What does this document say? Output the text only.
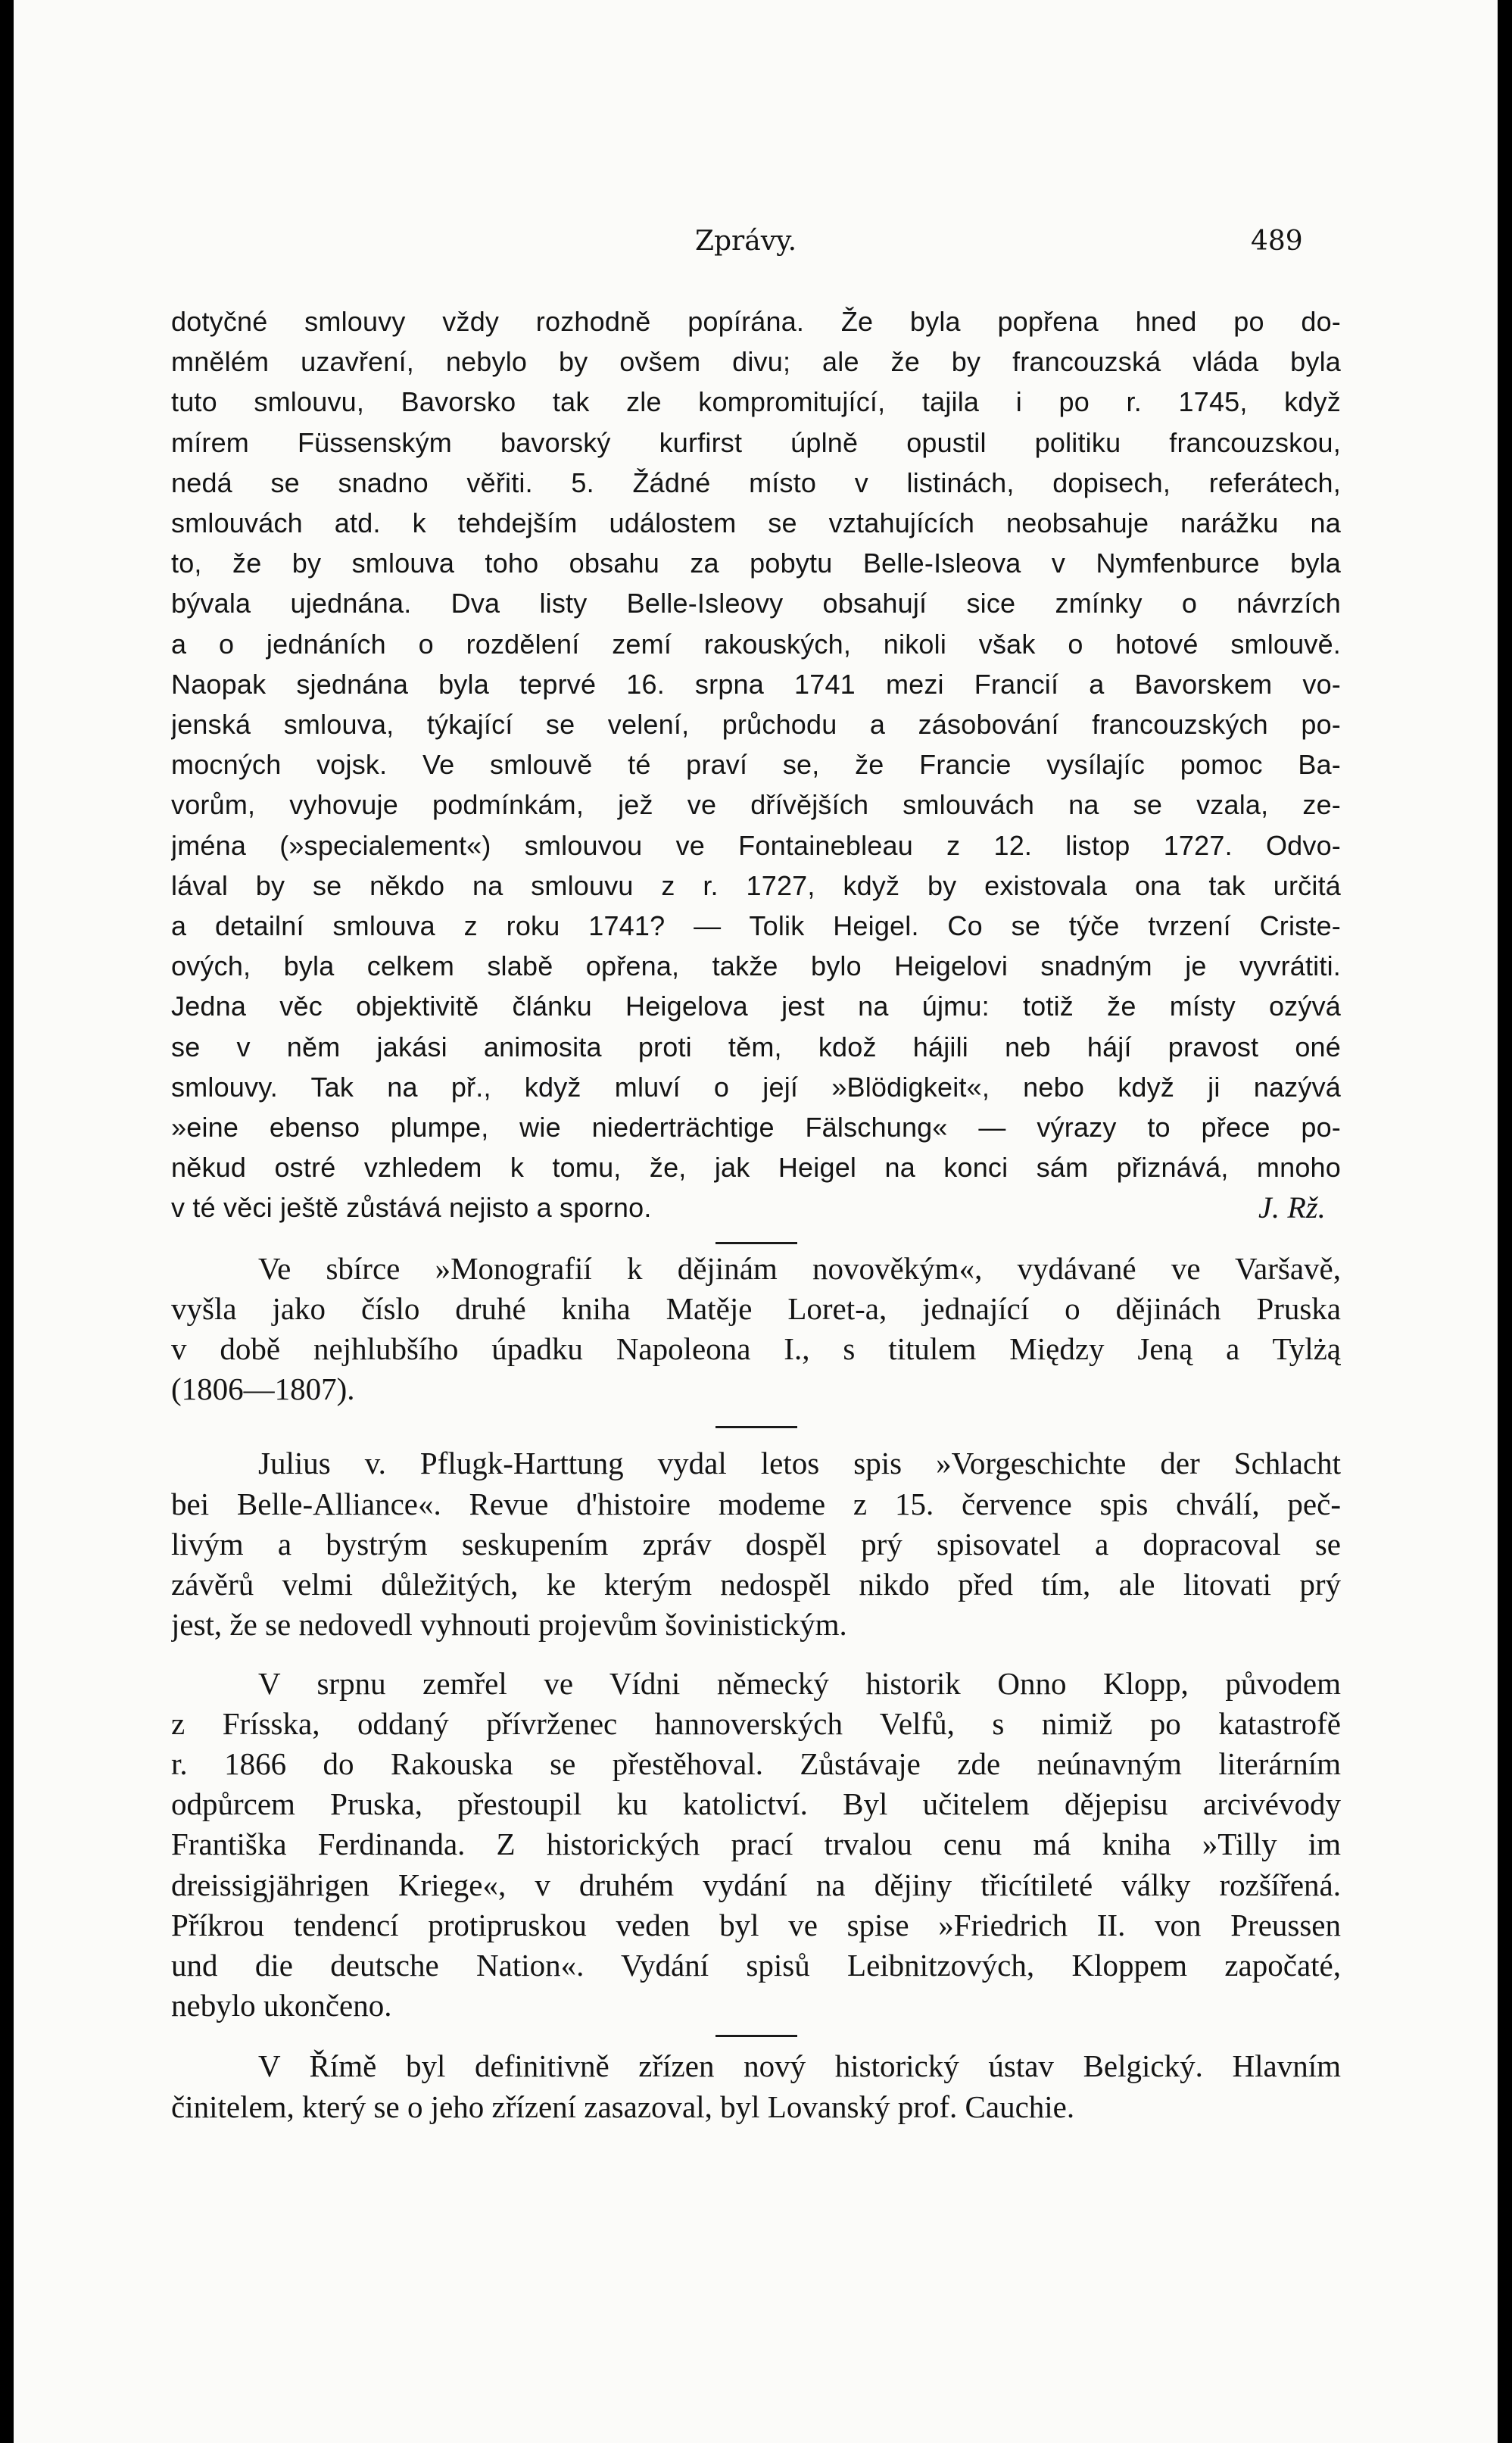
Zprávy.	489
dotyčné smlouvy vždy rozhodně popírána. Že byla popřena hned po do-
mnělém uzavření, nebylo by ovšem divu; ale že by francouzská vláda byla
tuto smlouvu, Bavorsko tak zle kompromitující, tajila i po r. 1745, když
mírem Füssenským bavorský kurfirst úplně opustil politiku francouzskou,
nedá se snadno věřiti. 5. Žádné místo v listinách, dopisech, referátech,
smlouvách atd. k tehdejším událostem se vztahujících neobsahuje narážku na
to, že by smlouva toho obsahu za pobytu Belle-Isleova v Nymfenburce byla
bývala ujednána. Dva listy Belle-Isleovy obsahují sice zmínky o návrzích
a o jednáních o rozdělení zemí rakouských, nikoli však o hotové smlouvě.
Naopak sjednána byla teprvé 16. srpna 1741 mezi Francií a Bavorskem vo-
jenská smlouva, týkající se velení, průchodu a zásobování francouzských po-
mocných vojsk. Ve smlouvě té praví se, že Francie vysílajíc pomoc Ba-
vorům, vyhovuje podmínkám, jež ve dřívějších smlouvách na se vzala, ze-
jména (»specialement«) smlouvou ve Fontainebleau z 12. listop 1727. Odvo-
lával by se někdo na smlouvu z r. 1727, když by existovala ona tak určitá
a detailní smlouva z roku 1741? — Tolik Heigel. Co se týče tvrzení Criste-
ových, byla celkem slabě opřena, takže bylo Heigelovi snadným je vyvrátiti.
Jedna věc objektivitě článku Heigelova jest na újmu: totiž že místy ozývá
se v něm jakási animosita proti těm, kdož hájili neb hájí pravost oné
smlouvy. Tak na př., když mluví o její »Blödigkeit«, nebo když ji nazývá
»eine ebenso plumpe, wie niederträchtige Fälschung« — výrazy to přece po-
někud ostré vzhledem k tomu, že, jak Heigel na konci sám přiznává, mnoho
v té věci ještě zůstává nejisto a sporno.	J. Rž.
Ve sbírce »Monografií k dějinám novověkým«, vydávané ve Varšavě,
vyšla jako číslo druhé kniha Matěje Loret-a, jednající o dějinách Pruska
v době nejhlubšího úpadku Napoleona I., s titulem Między Jeną a Tylżą
(1806—1807).
Julius v. Pflugk-Harttung vydal letos spis »Vorgeschichte der Schlacht
bei Belle-Alliance«. Revue d'histoire modeme z 15. července spis chválí, peč-
livým a bystrým seskupením zpráv dospěl prý spisovatel a dopracoval se
závěrů velmi důležitých, ke kterým nedospěl nikdo před tím, ale litovati prý
jest, že se nedovedl vyhnouti projevům šovinistickým.
V srpnu zemřel ve Vídni německý historik Onno Klopp, původem
z Frísska, oddaný přívrženec hannoverských Velfů, s nimiž po katastrofě
r. 1866 do Rakouska se přestěhoval. Zůstávaje zde neúnavným literárním
odpůrcem Pruska, přestoupil ku katolictví. Byl učitelem dějepisu arcivévody
Františka Ferdinanda. Z historických prací trvalou cenu má kniha »Tilly im
dreissigjährigen Kriege«, v druhém vydání na dějiny třicítileté války rozšířená.
Příkrou tendencí protipruskou veden byl ve spise »Friedrich II. von Preussen
und die deutsche Nation«. Vydání spisů Leibnitzových, Kloppem započaté,
nebylo ukončeno.
V Římě byl definitivně zřízen nový historický ústav Belgický. Hlavním
činitelem, který se o jeho zřízení zasazoval, byl Lovanský prof. Cauchie.
